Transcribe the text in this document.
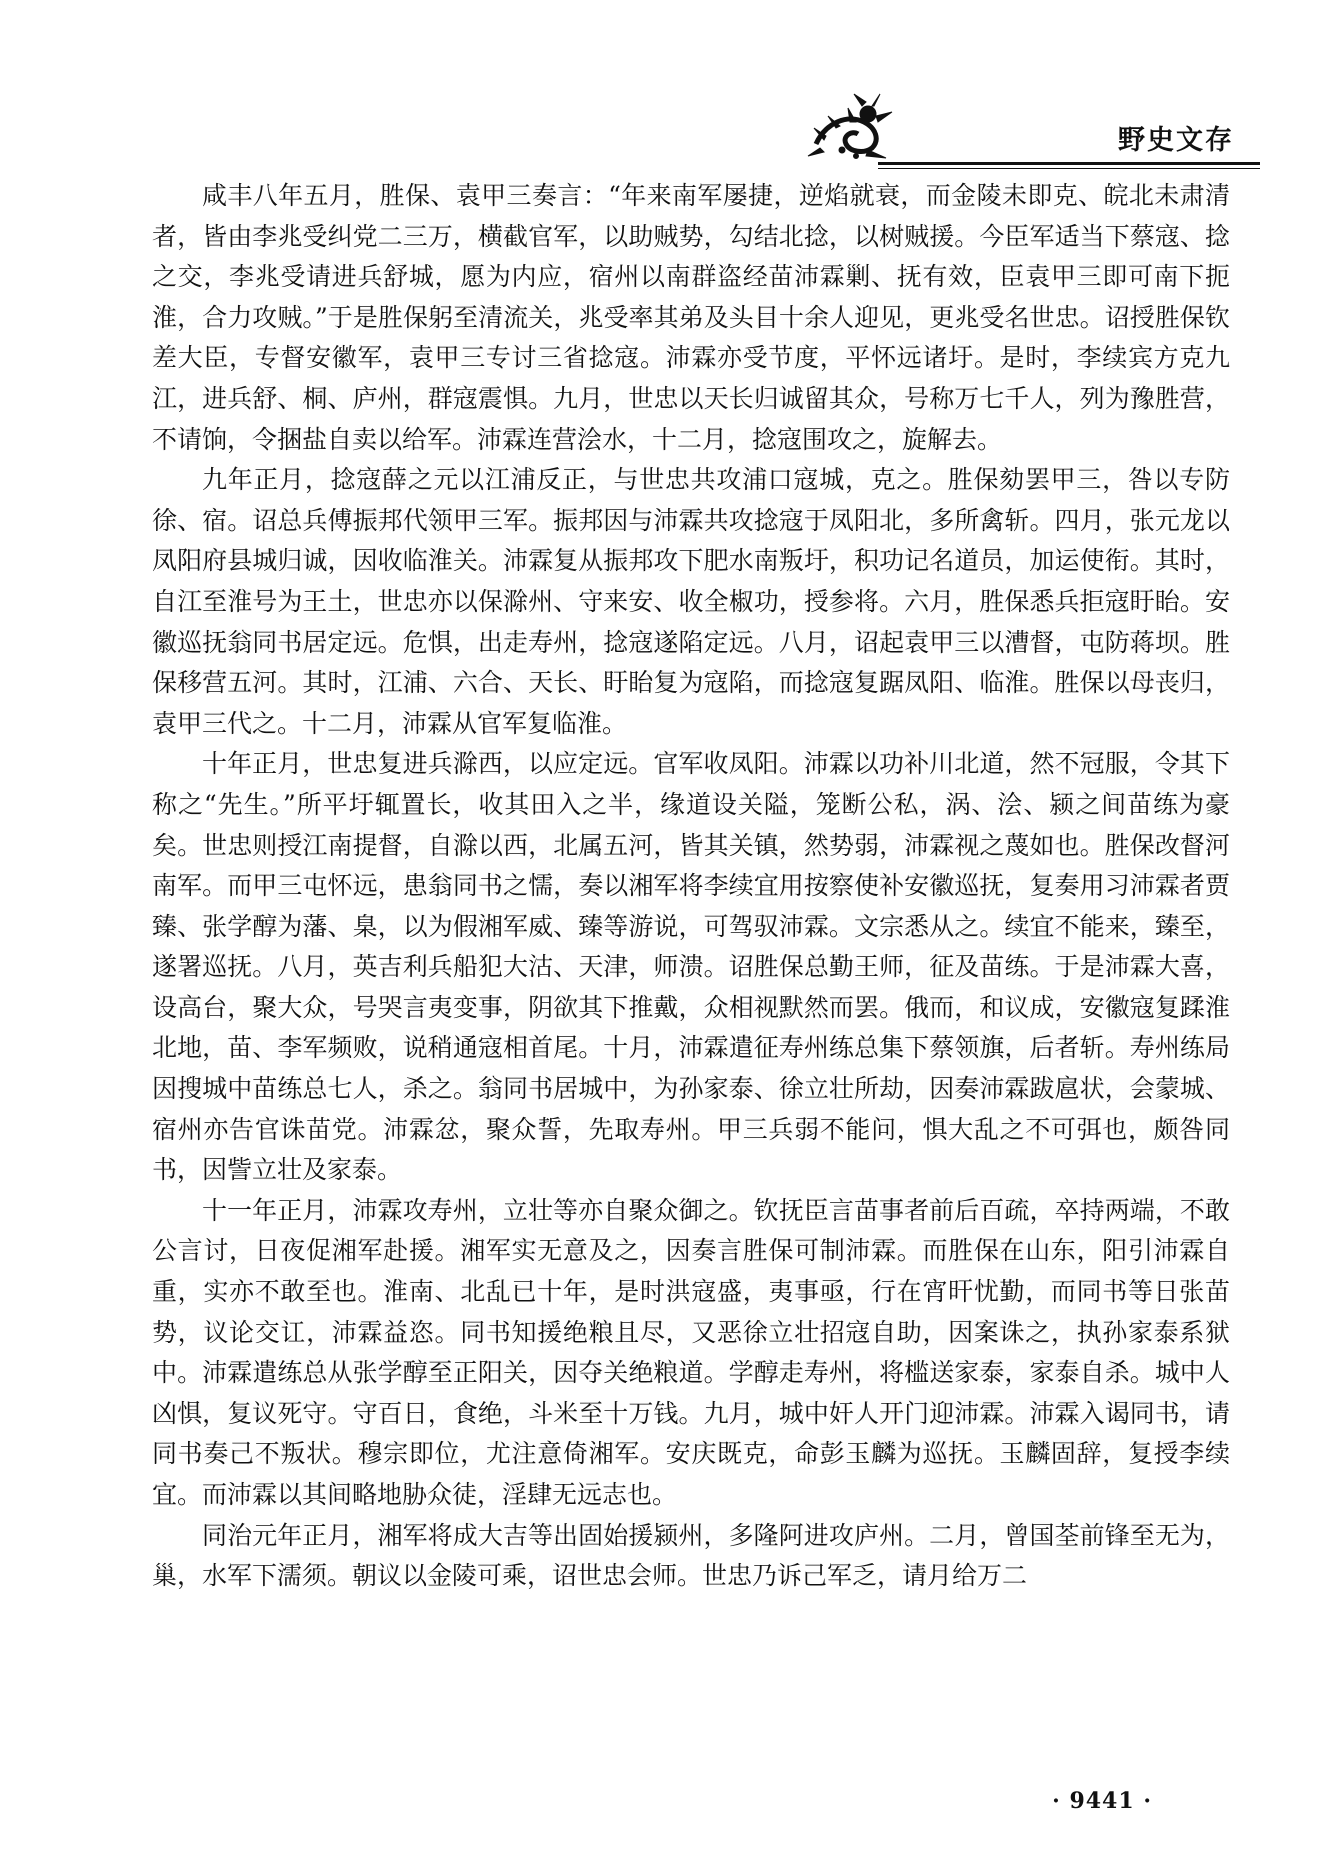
野史文存

咸丰八年五月，胜保、袁甲三奏言：“年来南军屡捷，逆焰就衰，而金陵未即克、皖北未肃清者，皆由李兆受纠党二三万，横截官军，以助贼势，勾结北捻，以树贼援。今臣军适当下蔡寇、捻之交，李兆受请进兵舒城，愿为内应，宿州以南群盗经苗沛霖剿、抚有效，臣袁甲三即可南下扼淮，合力攻贼。”于是胜保躬至清流关，兆受率其弟及头目十余人迎见，更兆受名世忠。诏授胜保钦差大臣，专督安徽军，袁甲三专讨三省捻寇。沛霖亦受节度，平怀远诸圩。是时，李续宾方克九江，进兵舒、桐、庐州，群寇震惧。九月，世忠以天长归诚留其众，号称万七千人，列为豫胜营，不请饷，令捆盐自卖以给军。沛霖连营浍水，十二月，捻寇围攻之，旋解去。

九年正月，捻寇薛之元以江浦反正，与世忠共攻浦口寇城，克之。胜保劾罢甲三，咎以专防徐、宿。诏总兵傅振邦代领甲三军。振邦因与沛霖共攻捻寇于凤阳北，多所禽斩。四月，张元龙以凤阳府县城归诚，因收临淮关。沛霖复从振邦攻下肥水南叛圩，积功记名道员，加运使衔。其时，自江至淮号为王土，世忠亦以保滁州、守来安、收全椒功，授参将。六月，胜保悉兵拒寇盱眙。安徽巡抚翁同书居定远。危惧，出走寿州，捻寇遂陷定远。八月，诏起袁甲三以漕督，屯防蒋坝。胜保移营五河。其时，江浦、六合、天长、盱眙复为寇陷，而捻寇复踞凤阳、临淮。胜保以母丧归，袁甲三代之。十二月，沛霖从官军复临淮。

十年正月，世忠复进兵滁西，以应定远。官军收凤阳。沛霖以功补川北道，然不冠服，令其下称之“先生。”所平圩辄置长，收其田入之半，缘道设关隘，笼断公私，涡、浍、颍之间苗练为豪矣。世忠则授江南提督，自滁以西，北属五河，皆其关镇，然势弱，沛霖视之蔑如也。胜保改督河南军。而甲三屯怀远，患翁同书之懦，奏以湘军将李续宜用按察使补安徽巡抚，复奏用习沛霖者贾臻、张学醇为藩、臬，以为假湘军威、臻等游说，可驾驭沛霖。文宗悉从之。续宜不能来，臻至，遂署巡抚。八月，英吉利兵船犯大沽、天津，师溃。诏胜保总勤王师，征及苗练。于是沛霖大喜，设高台，聚大众，号哭言夷变事，阴欲其下推戴，众相视默然而罢。俄而，和议成，安徽寇复蹂淮北地，苗、李军频败，说稍通寇相首尾。十月，沛霖遣征寿州练总集下蔡领旗，后者斩。寿州练局因搜城中苗练总七人，杀之。翁同书居城中，为孙家泰、徐立壮所劫，因奏沛霖跋扈状，会蒙城、宿州亦告官诛苗党。沛霖忿，聚众誓，先取寿州。甲三兵弱不能问，惧大乱之不可弭也，颇咎同书，因訾立壮及家泰。

十一年正月，沛霖攻寿州，立壮等亦自聚众御之。钦抚臣言苗事者前后百疏，卒持两端，不敢公言讨，日夜促湘军赴援。湘军实无意及之，因奏言胜保可制沛霖。而胜保在山东，阳引沛霖自重，实亦不敢至也。淮南、北乱已十年，是时洪寇盛，夷事亟，行在宵旰忧勤，而同书等日张苗势，议论交讧，沛霖益恣。同书知援绝粮且尽，又恶徐立壮招寇自助，因案诛之，执孙家泰系狱中。沛霖遣练总从张学醇至正阳关，因夺关绝粮道。学醇走寿州，将槛送家泰，家泰自杀。城中人凶惧，复议死守。守百日，食绝，斗米至十万钱。九月，城中奸人开门迎沛霖。沛霖入谒同书，请同书奏己不叛状。穆宗即位，尤注意倚湘军。安庆既克，命彭玉麟为巡抚。玉麟固辞，复授李续宜。而沛霖以其间略地胁众徒，淫肆无远志也。

同治元年正月，湘军将成大吉等出固始援颍州，多隆阿进攻庐州。二月，曾国荃前锋至无为，巢，水军下濡须。朝议以金陵可乘，诏世忠会师。世忠乃诉己军乏，请月给万二

· 9441 ·
